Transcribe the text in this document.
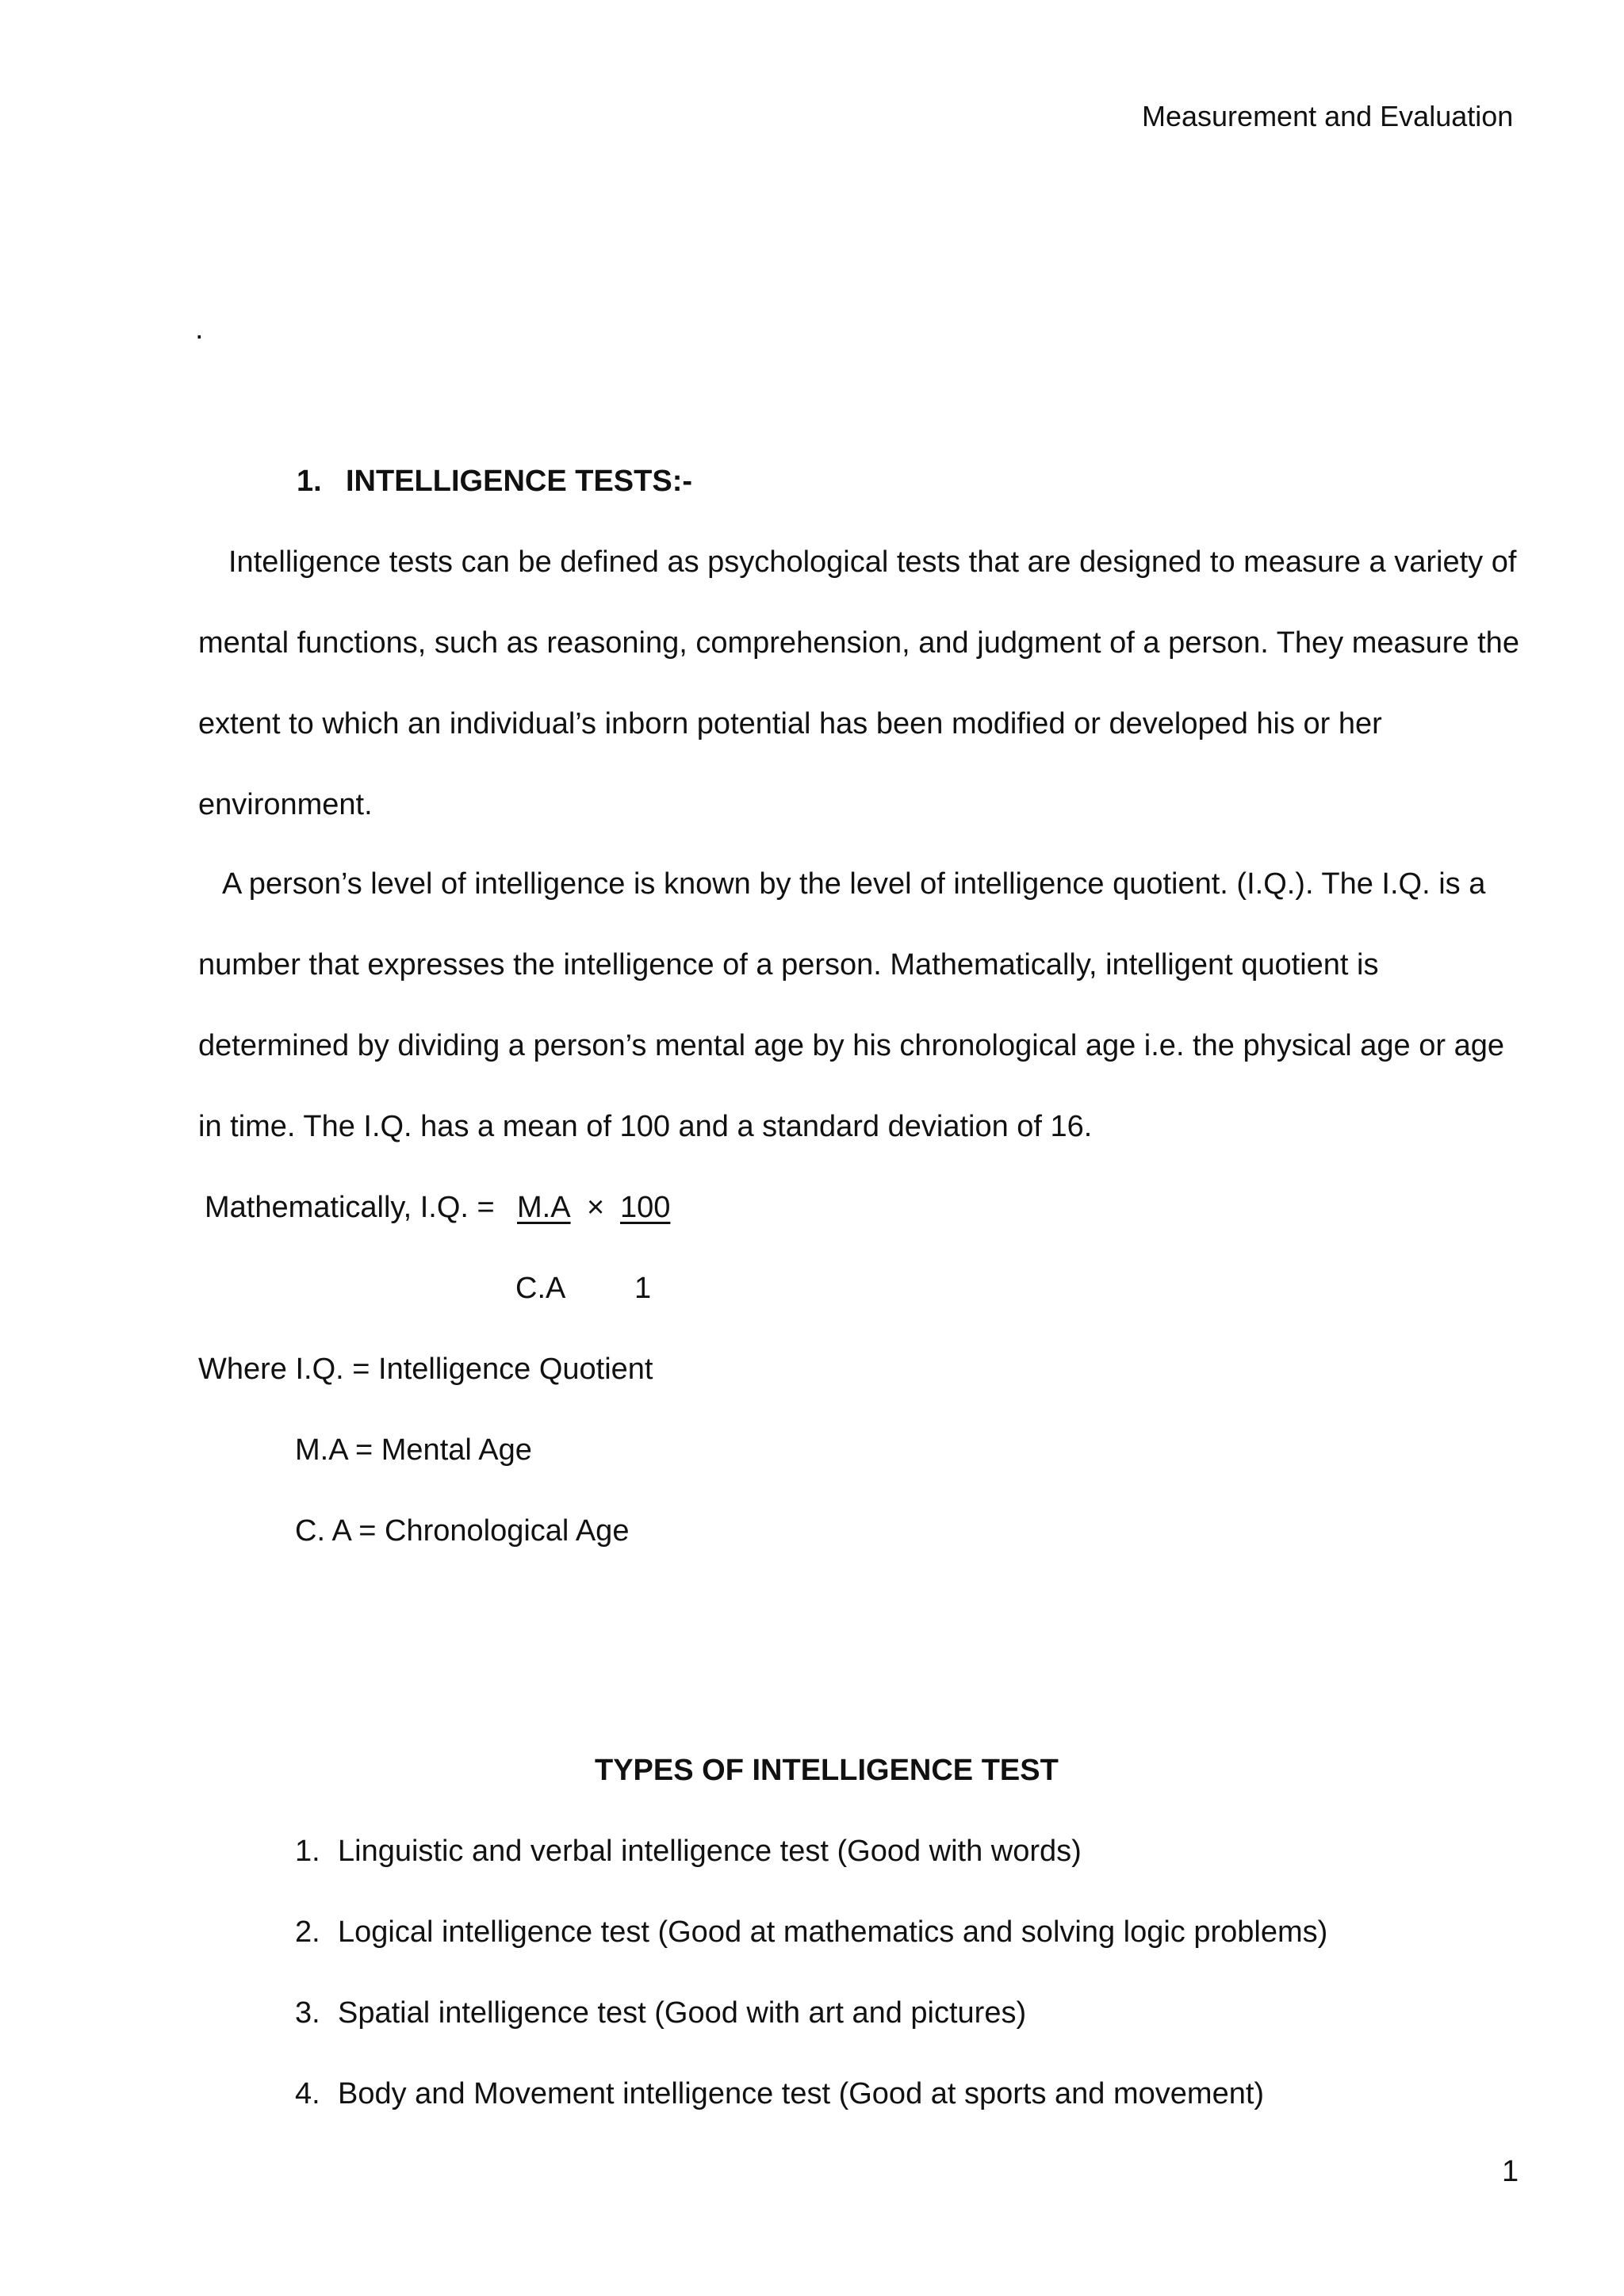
Measurement and Evaluation
.
1. INTELLIGENCE TESTS:-
Intelligence tests can be defined as psychological tests that are designed to measure a variety of
mental functions, such as reasoning, comprehension, and judgment of a person. They measure the
extent to which an individual’s inborn potential has been modified or developed his or her
environment.
A person’s level of intelligence is known by the level of intelligence quotient. (I.Q.). The I.Q. is a
number that expresses the intelligence of a person. Mathematically, intelligent quotient is
determined by dividing a person’s mental age by his chronological age i.e. the physical age or age
in time. The I.Q. has a mean of 100 and a standard deviation of 16.
Mathematically, I.Q. = M.A × 100
C.A 1
Where I.Q. = Intelligence Quotient
M.A = Mental Age
C. A = Chronological Age
TYPES OF INTELLIGENCE TEST
1. Linguistic and verbal intelligence test (Good with words)
2. Logical intelligence test (Good at mathematics and solving logic problems)
3. Spatial intelligence test (Good with art and pictures)
4. Body and Movement intelligence test (Good at sports and movement)
1
